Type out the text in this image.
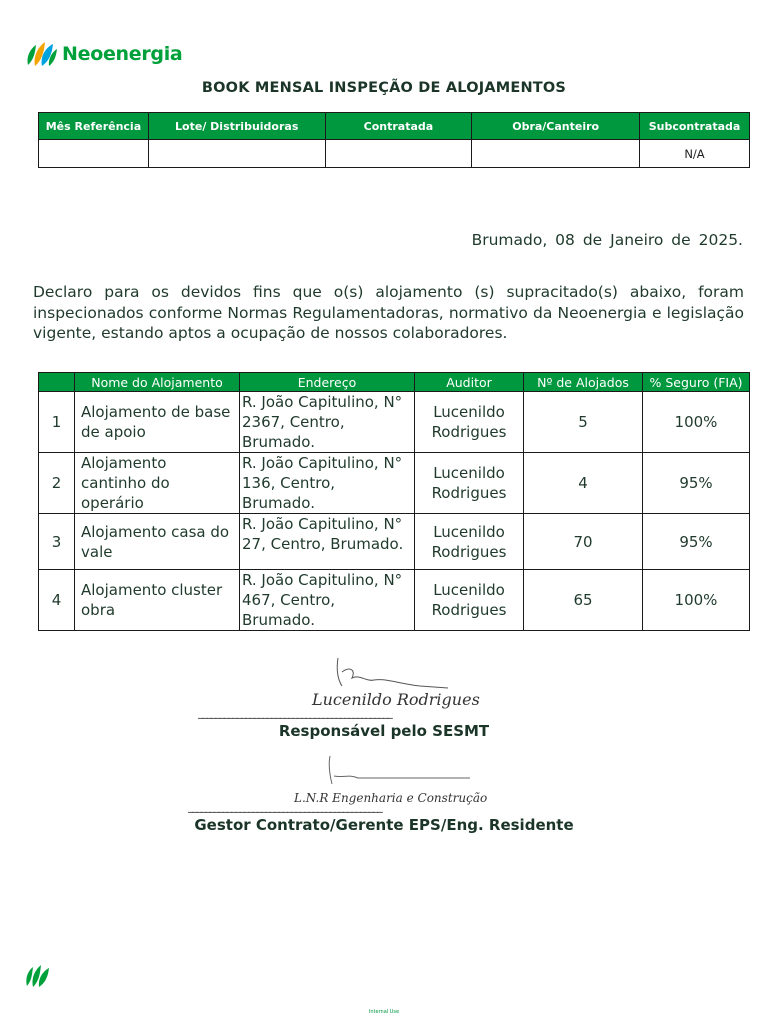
Neoenergia
BOOK MENSAL INSPEÇÃO DE ALOJAMENTOS
Mês Referência	Lote/ Distribuidoras	Contratada	Obra/Canteiro	Subcontratada
				N/A
Brumado, 08 de Janeiro de 2025.
Declaro para os devidos fins que o(s) alojamento (s) supracitado(s) abaixo, foram inspecionados conforme Normas Regulamentadoras, normativo da Neoenergia e legislação vigente, estando aptos a ocupação de nossos colaboradores.
	Nome do Alojamento	Endereço	Auditor	Nº de Alojados	% Seguro (FIA)
1	Alojamento de base de apoio	R. João Capitulino, N° 2367, Centro, Brumado.	Lucenildo Rodrigues	5	100%
2	Alojamento cantinho do operário	R. João Capitulino, N° 136, Centro, Brumado.	Lucenildo Rodrigues	4	95%
3	Alojamento casa do vale	R. João Capitulino, N° 27, Centro, Brumado.	Lucenildo Rodrigues	70	95%
4	Alojamento cluster obra	R. João Capitulino, N° 467, Centro, Brumado.	Lucenildo Rodrigues	65	100%
Lucenildo Rodrigues
_____________________________________________
Responsável pelo SESMT
L.N.R Engenharia e Construção
_____________________________________________
Gestor Contrato/Gerente EPS/Eng. Residente
Internal Use
